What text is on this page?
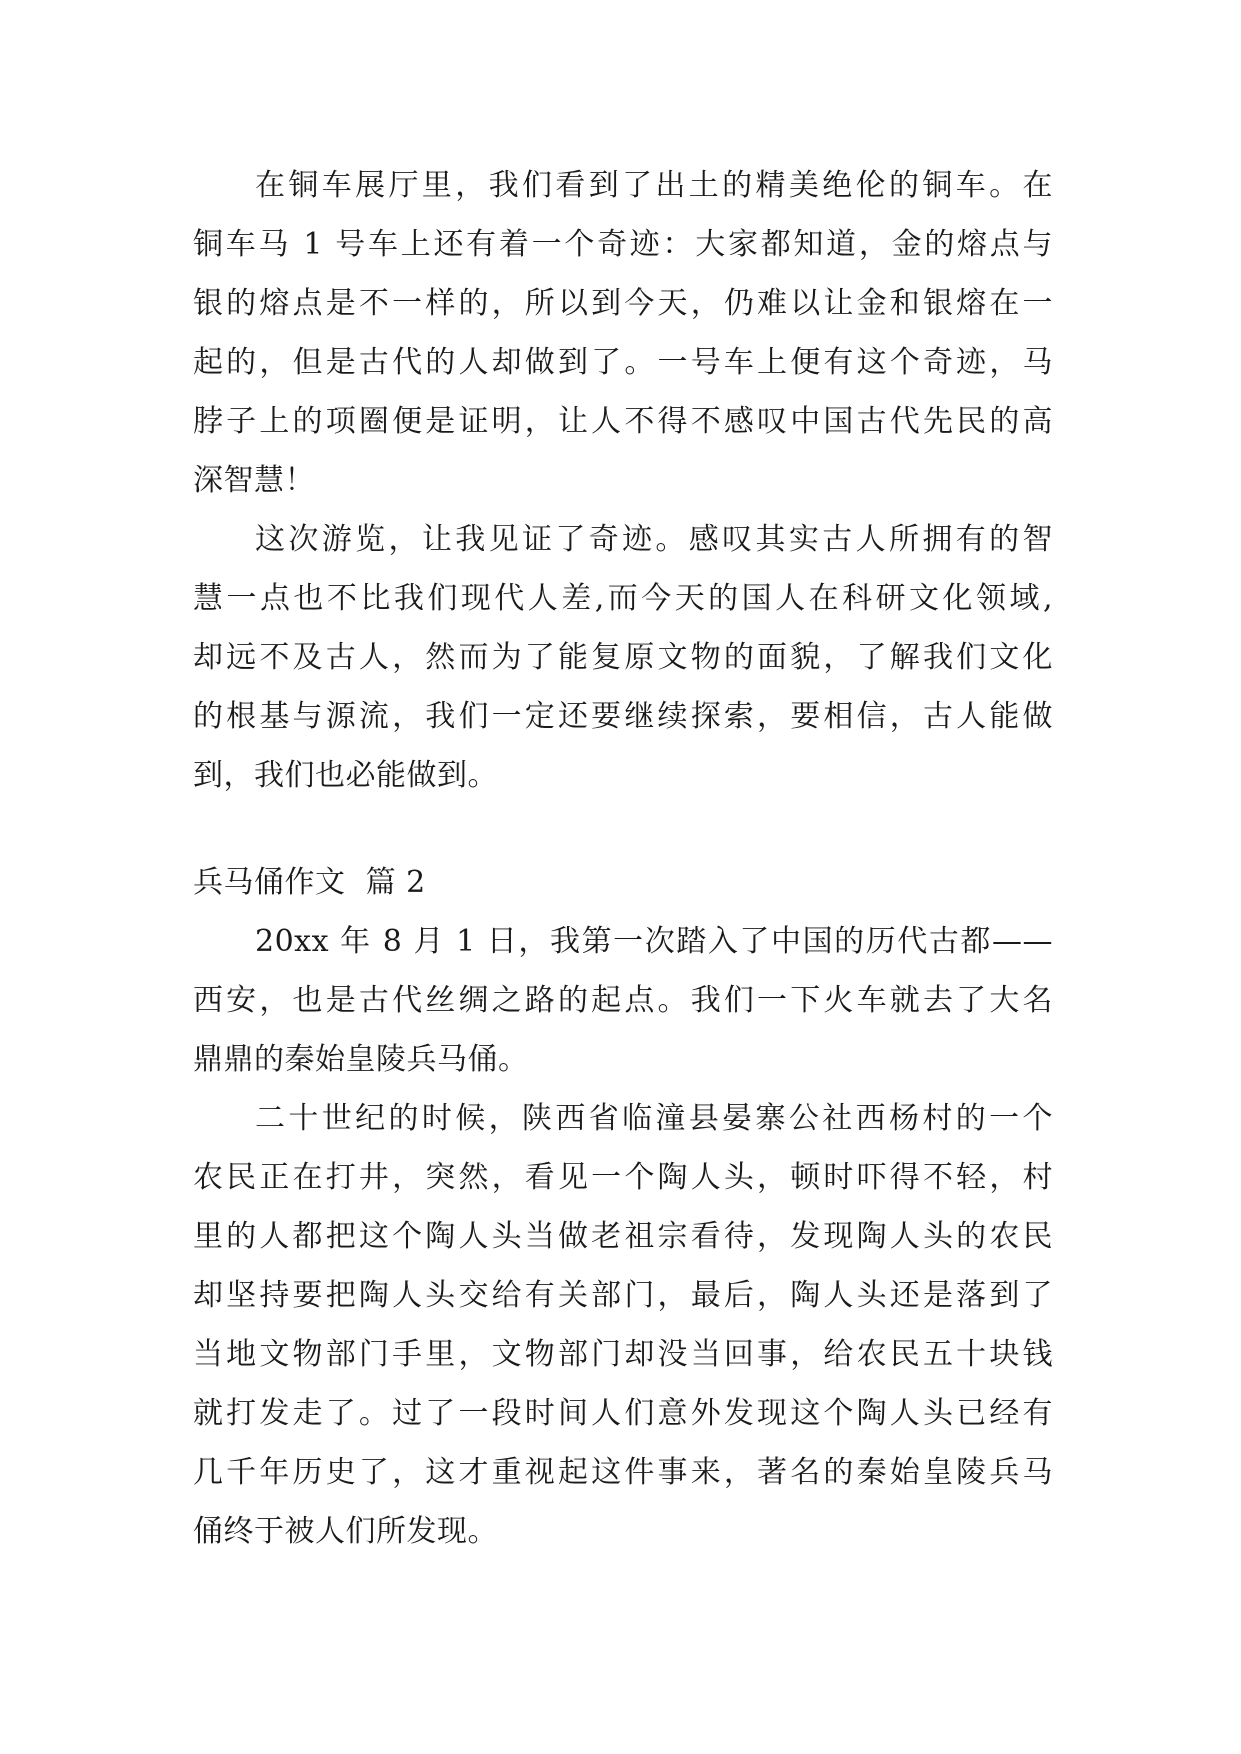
在铜车展厅里，我们看到了出土的精美绝伦的铜车。在

铜车马 1 号车上还有着一个奇迹：大家都知道，金的熔点与

银的熔点是不一样的，所以到今天，仍难以让金和银熔在一

起的，但是古代的人却做到了。一号车上便有这个奇迹，马

脖子上的项圈便是证明，让人不得不感叹中国古代先民的高

深智慧！

这次游览，让我见证了奇迹。感叹其实古人所拥有的智

慧一点也不比我们现代人差,而今天的国人在科研文化领域,

却远不及古人，然而为了能复原文物的面貌，了解我们文化

的根基与源流，我们一定还要继续探索，要相信，古人能做

到，我们也必能做到。

兵马俑作文  篇 2

20xx 年 8 月 1 日，我第一次踏入了中国的历代古都——

西安，也是古代丝绸之路的起点。我们一下火车就去了大名

鼎鼎的秦始皇陵兵马俑。

二十世纪的时候，陕西省临潼县晏寨公社西杨村的一个

农民正在打井，突然，看见一个陶人头，顿时吓得不轻，村

里的人都把这个陶人头当做老祖宗看待，发现陶人头的农民

却坚持要把陶人头交给有关部门，最后，陶人头还是落到了

当地文物部门手里，文物部门却没当回事，给农民五十块钱

就打发走了。过了一段时间人们意外发现这个陶人头已经有

几千年历史了，这才重视起这件事来，著名的秦始皇陵兵马

俑终于被人们所发现。
